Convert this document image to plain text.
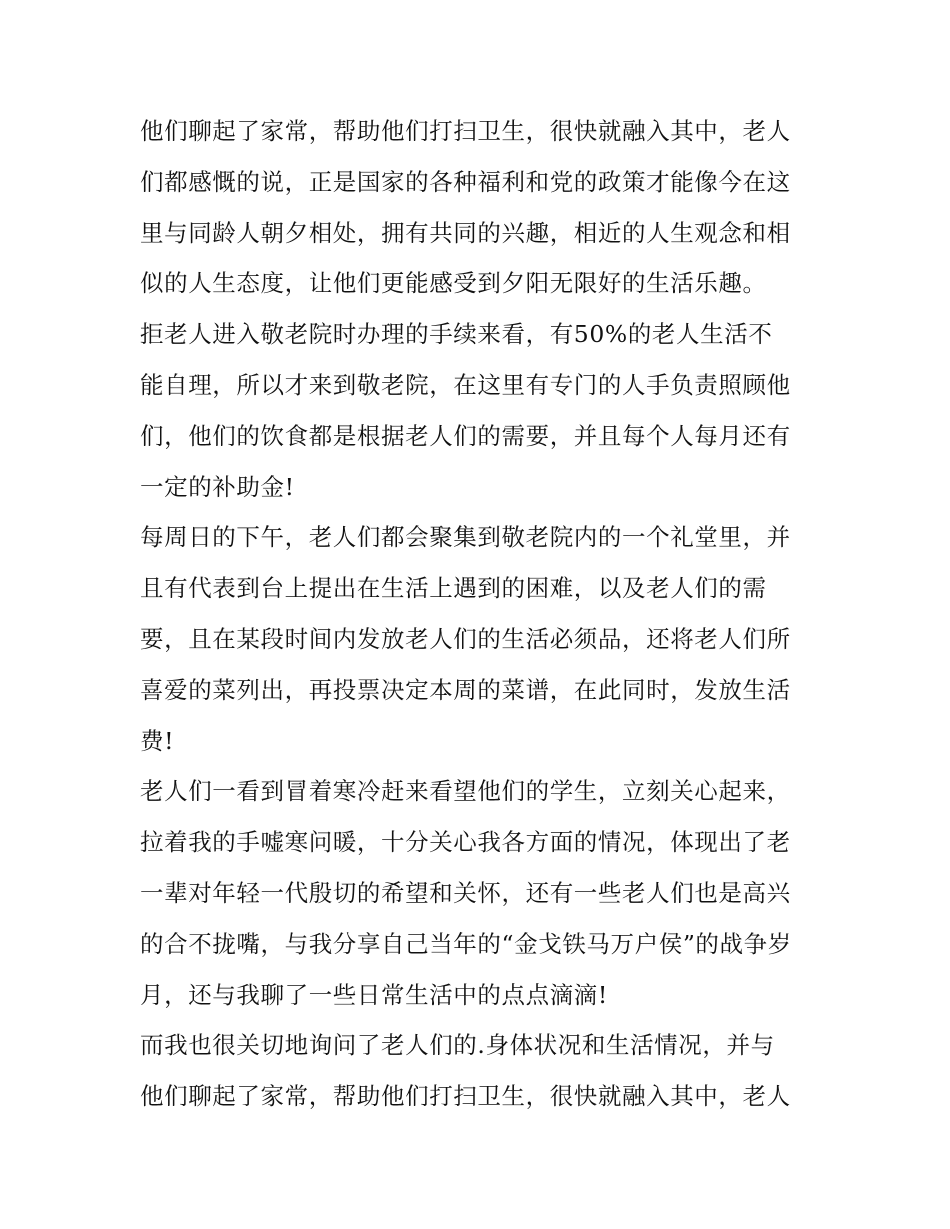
他们聊起了家常，帮助他们打扫卫生，很快就融入其中，老人
们都感慨的说，正是国家的各种福利和党的政策才能像今在这
里与同龄人朝夕相处，拥有共同的兴趣，相近的人生观念和相
似的人生态度，让他们更能感受到夕阳无限好的生活乐趣。
拒老人进入敬老院时办理的手续来看，有50%的老人生活不
能自理，所以才来到敬老院，在这里有专门的人手负责照顾他
们，他们的饮食都是根据老人们的需要，并且每个人每月还有
一定的补助金!
每周日的下午，老人们都会聚集到敬老院内的一个礼堂里，并
且有代表到台上提出在生活上遇到的困难，以及老人们的需
要，且在某段时间内发放老人们的生活必须品，还将老人们所
喜爱的菜列出，再投票决定本周的菜谱，在此同时，发放生活
费!
老人们一看到冒着寒冷赶来看望他们的学生，立刻关心起来，
拉着我的手嘘寒问暖，十分关心我各方面的情况，体现出了老
一辈对年轻一代殷切的希望和关怀，还有一些老人们也是高兴
的合不拢嘴，与我分享自己当年的“金戈铁马万户侯”的战争岁
月，还与我聊了一些日常生活中的点点滴滴!
而我也很关切地询问了老人们的.身体状况和生活情况，并与
他们聊起了家常，帮助他们打扫卫生，很快就融入其中，老人
